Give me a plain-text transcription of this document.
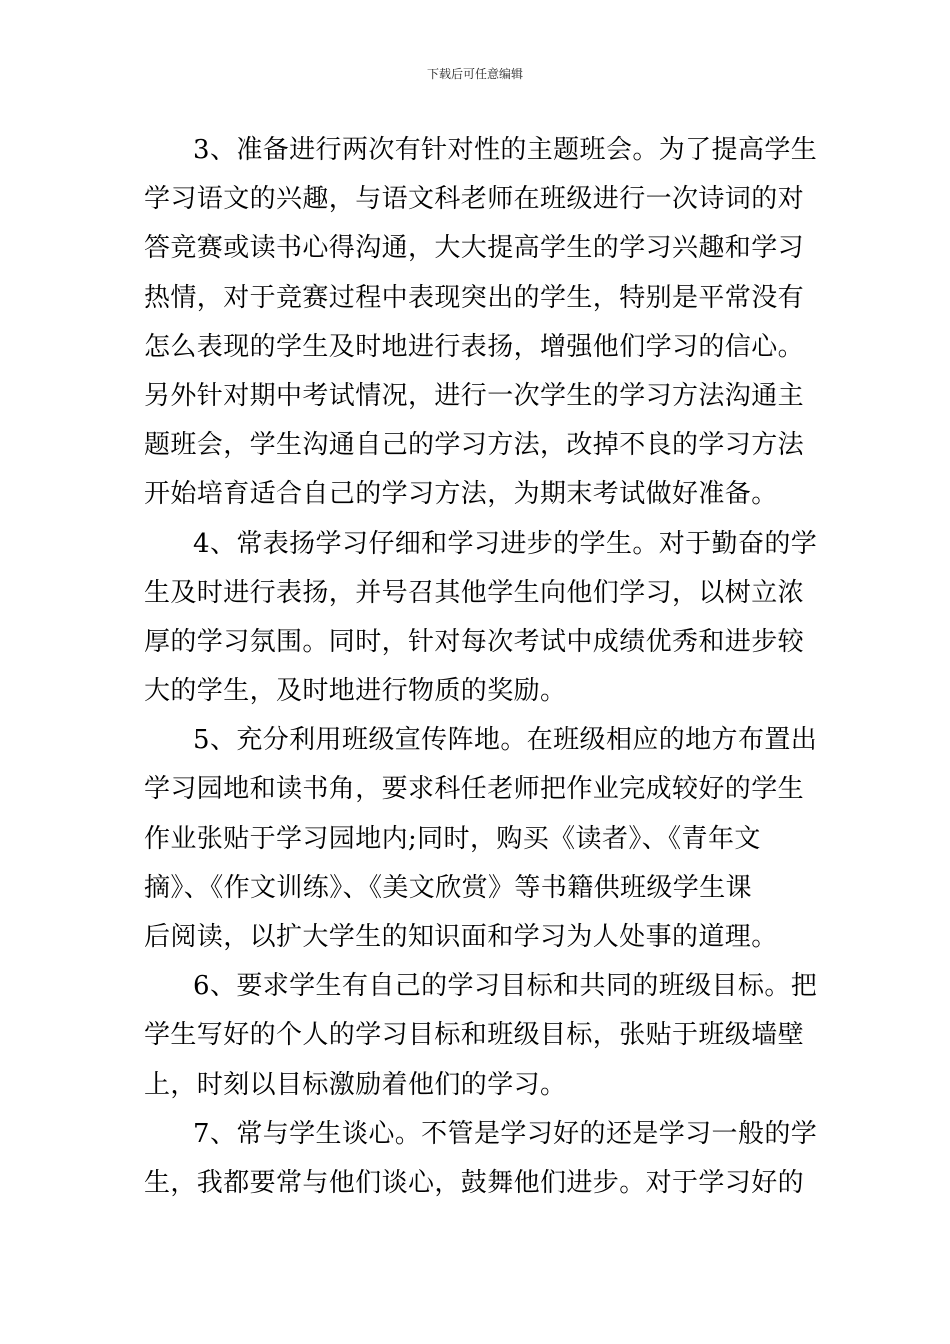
下载后可任意编辑
3、准备进行两次有针对性的主题班会。为了提高学生
学习语文的兴趣，与语文科老师在班级进行一次诗词的对
答竞赛或读书心得沟通，大大提高学生的学习兴趣和学习
热情，对于竞赛过程中表现突出的学生，特别是平常没有
怎么表现的学生及时地进行表扬，增强他们学习的信心。
另外针对期中考试情况，进行一次学生的学习方法沟通主
题班会，学生沟通自己的学习方法，改掉不良的学习方法
开始培育适合自己的学习方法，为期末考试做好准备。
4、常表扬学习仔细和学习进步的学生。对于勤奋的学
生及时进行表扬，并号召其他学生向他们学习，以树立浓
厚的学习氛围。同时，针对每次考试中成绩优秀和进步较
大的学生，及时地进行物质的奖励。
5、充分利用班级宣传阵地。在班级相应的地方布置出
学习园地和读书角，要求科任老师把作业完成较好的学生
作业张贴于学习园地内;同时，购买《读者》、《青年文
摘》、《作文训练》、《美文欣赏》等书籍供班级学生课
后阅读，以扩大学生的知识面和学习为人处事的道理。
6、要求学生有自己的学习目标和共同的班级目标。把
学生写好的个人的学习目标和班级目标，张贴于班级墙壁
上，时刻以目标激励着他们的学习。
7、常与学生谈心。不管是学习好的还是学习一般的学
生，我都要常与他们谈心，鼓舞他们进步。对于学习好的
